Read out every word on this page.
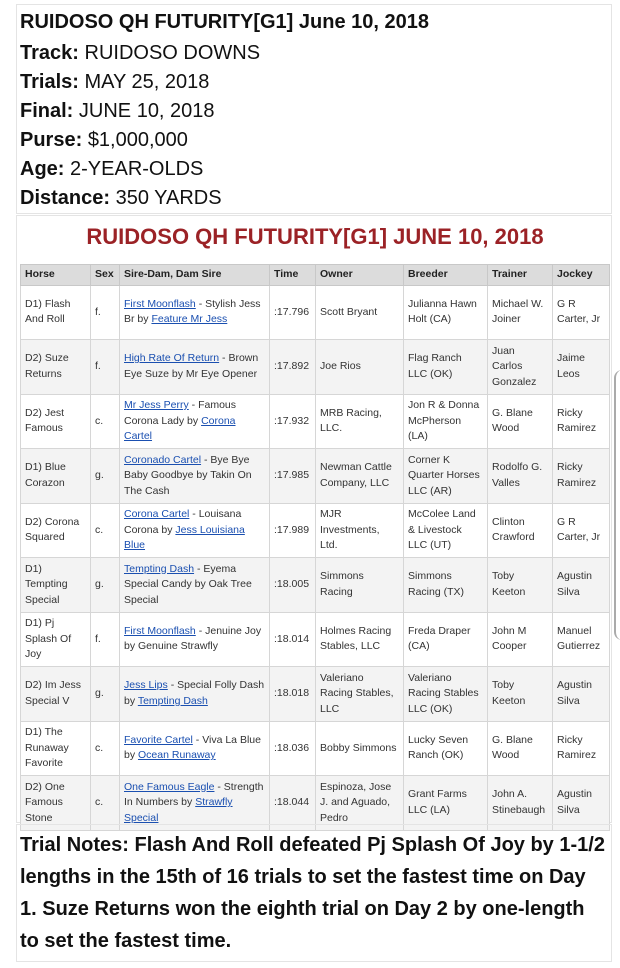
RUIDOSO QH FUTURITY[G1] June 10, 2018
Track: RUIDOSO DOWNS
Trials: MAY 25, 2018
Final: JUNE 10, 2018
Purse: $1,000,000
Age: 2-YEAR-OLDS
Distance: 350 YARDS
RUIDOSO QH FUTURITY[G1] JUNE 10, 2018
Horse	Sex	Sire-Dam, Dam Sire	Time	Owner	Breeder	Trainer	Jockey
D1) Flash And Roll	f.	First Moonflash - Stylish Jess Br by Feature Mr Jess	:17.796	Scott Bryant	Julianna Hawn Holt (CA)	Michael W. Joiner	G R Carter, Jr
D2) Suze Returns	f.	High Rate Of Return - Brown Eye Suze by Mr Eye Opener	:17.892	Joe Rios	Flag Ranch LLC (OK)	Juan Carlos Gonzalez	Jaime Leos
D2) Jest Famous	c.	Mr Jess Perry - Famous Corona Lady by Corona Cartel	:17.932	MRB Racing, LLC.	Jon R & Donna McPherson (LA)	G. Blane Wood	Ricky Ramirez
D1) Blue Corazon	g.	Coronado Cartel - Bye Bye Baby Goodbye by Takin On The Cash	:17.985	Newman Cattle Company, LLC	Corner K Quarter Horses LLC (AR)	Rodolfo G. Valles	Ricky Ramirez
D2) Corona Squared	c.	Corona Cartel - Louisana Corona by Jess Louisiana Blue	:17.989	MJR Investments, Ltd.	McColee Land & Livestock LLC (UT)	Clinton Crawford	G R Carter, Jr
D1) Tempting Special	g.	Tempting Dash - Eyema Special Candy by Oak Tree Special	:18.005	Simmons Racing	Simmons Racing (TX)	Toby Keeton	Agustin Silva
D1) Pj Splash Of Joy	f.	First Moonflash - Jenuine Joy by Genuine Strawfly	:18.014	Holmes Racing Stables, LLC	Freda Draper (CA)	John M Cooper	Manuel Gutierrez
D2) Im Jess Special V	g.	Jess Lips - Special Folly Dash by Tempting Dash	:18.018	Valeriano Racing Stables, LLC	Valeriano Racing Stables LLC (OK)	Toby Keeton	Agustin Silva
D1) The Runaway Favorite	c.	Favorite Cartel - Viva La Blue by Ocean Runaway	:18.036	Bobby Simmons	Lucky Seven Ranch (OK)	G. Blane Wood	Ricky Ramirez
D2) One Famous Stone	c.	One Famous Eagle - Strength In Numbers by Strawfly Special	:18.044	Espinoza, Jose J. and Aguado, Pedro	Grant Farms LLC (LA)	John A. Stinebaugh	Agustin Silva
Trial Notes: Flash And Roll defeated Pj Splash Of Joy by 1-1/2 lengths in the 15th of 16 trials to set the fastest time on Day 1. Suze Returns won the eighth trial on Day 2 by one-length to set the fastest time.
